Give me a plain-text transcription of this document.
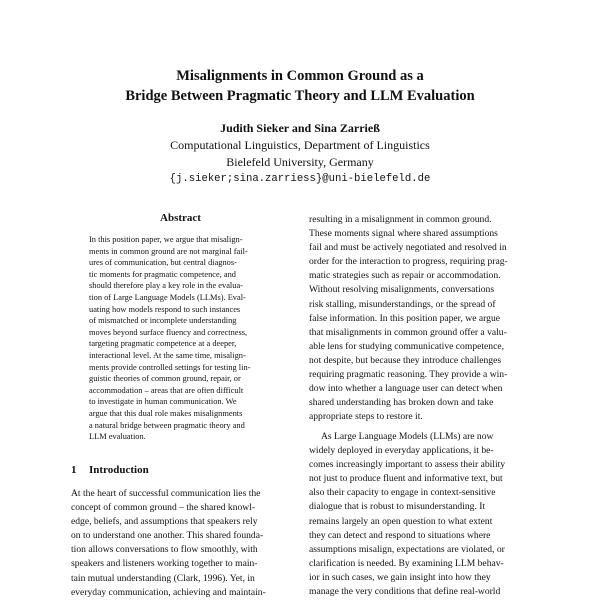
Misalignments in Common Ground as a
Bridge Between Pragmatic Theory and LLM Evaluation
Judith Sieker and Sina Zarrieß
Computational Linguistics, Department of Linguistics
Bielefeld University, Germany
{j.sieker;sina.zarriess}@uni-bielefeld.de
Abstract
In this position paper, we argue that misalign-
ments in common ground are not marginal fail-
ures of communication, but central diagnos-
tic moments for pragmatic competence, and
should therefore play a key role in the evalua-
tion of Large Language Models (LLMs). Eval-
uating how models respond to such instances
of mismatched or incomplete understanding
moves beyond surface fluency and correctness,
targeting pragmatic competence at a deeper,
interactional level. At the same time, misalign-
ments provide controlled settings for testing lin-
guistic theories of common ground, repair, or
accommodation – areas that are often difficult
to investigate in human communication. We
argue that this dual role makes misalignments
a natural bridge between pragmatic theory and
LLM evaluation.
1 Introduction
At the heart of successful communication lies the
concept of common ground – the shared knowl-
edge, beliefs, and assumptions that speakers rely
on to understand one another. This shared founda-
tion allows conversations to flow smoothly, with
speakers and listeners working together to main-
tain mutual understanding (Clark, 1996). Yet, in
everyday communication, achieving and maintain-
resulting in a misalignment in common ground.
These moments signal where shared assumptions
fail and must be actively negotiated and resolved in
order for the interaction to progress, requiring prag-
matic strategies such as repair or accommodation.
Without resolving misalignments, conversations
risk stalling, misunderstandings, or the spread of
false information. In this position paper, we argue
that misalignments in common ground offer a valu-
able lens for studying communicative competence,
not despite, but because they introduce challenges
requiring pragmatic reasoning. They provide a win-
dow into whether a language user can detect when
shared understanding has broken down and take
appropriate steps to restore it.
As Large Language Models (LLMs) are now
widely deployed in everyday applications, it be-
comes increasingly important to assess their ability
not just to produce fluent and informative text, but
also their capacity to engage in context-sensitive
dialogue that is robust to misunderstanding. It
remains largely an open question to what extent
they can detect and respond to situations where
assumptions misalign, expectations are violated, or
clarification is needed. By examining LLM behav-
ior in such cases, we gain insight into how they
manage the very conditions that define real-world
